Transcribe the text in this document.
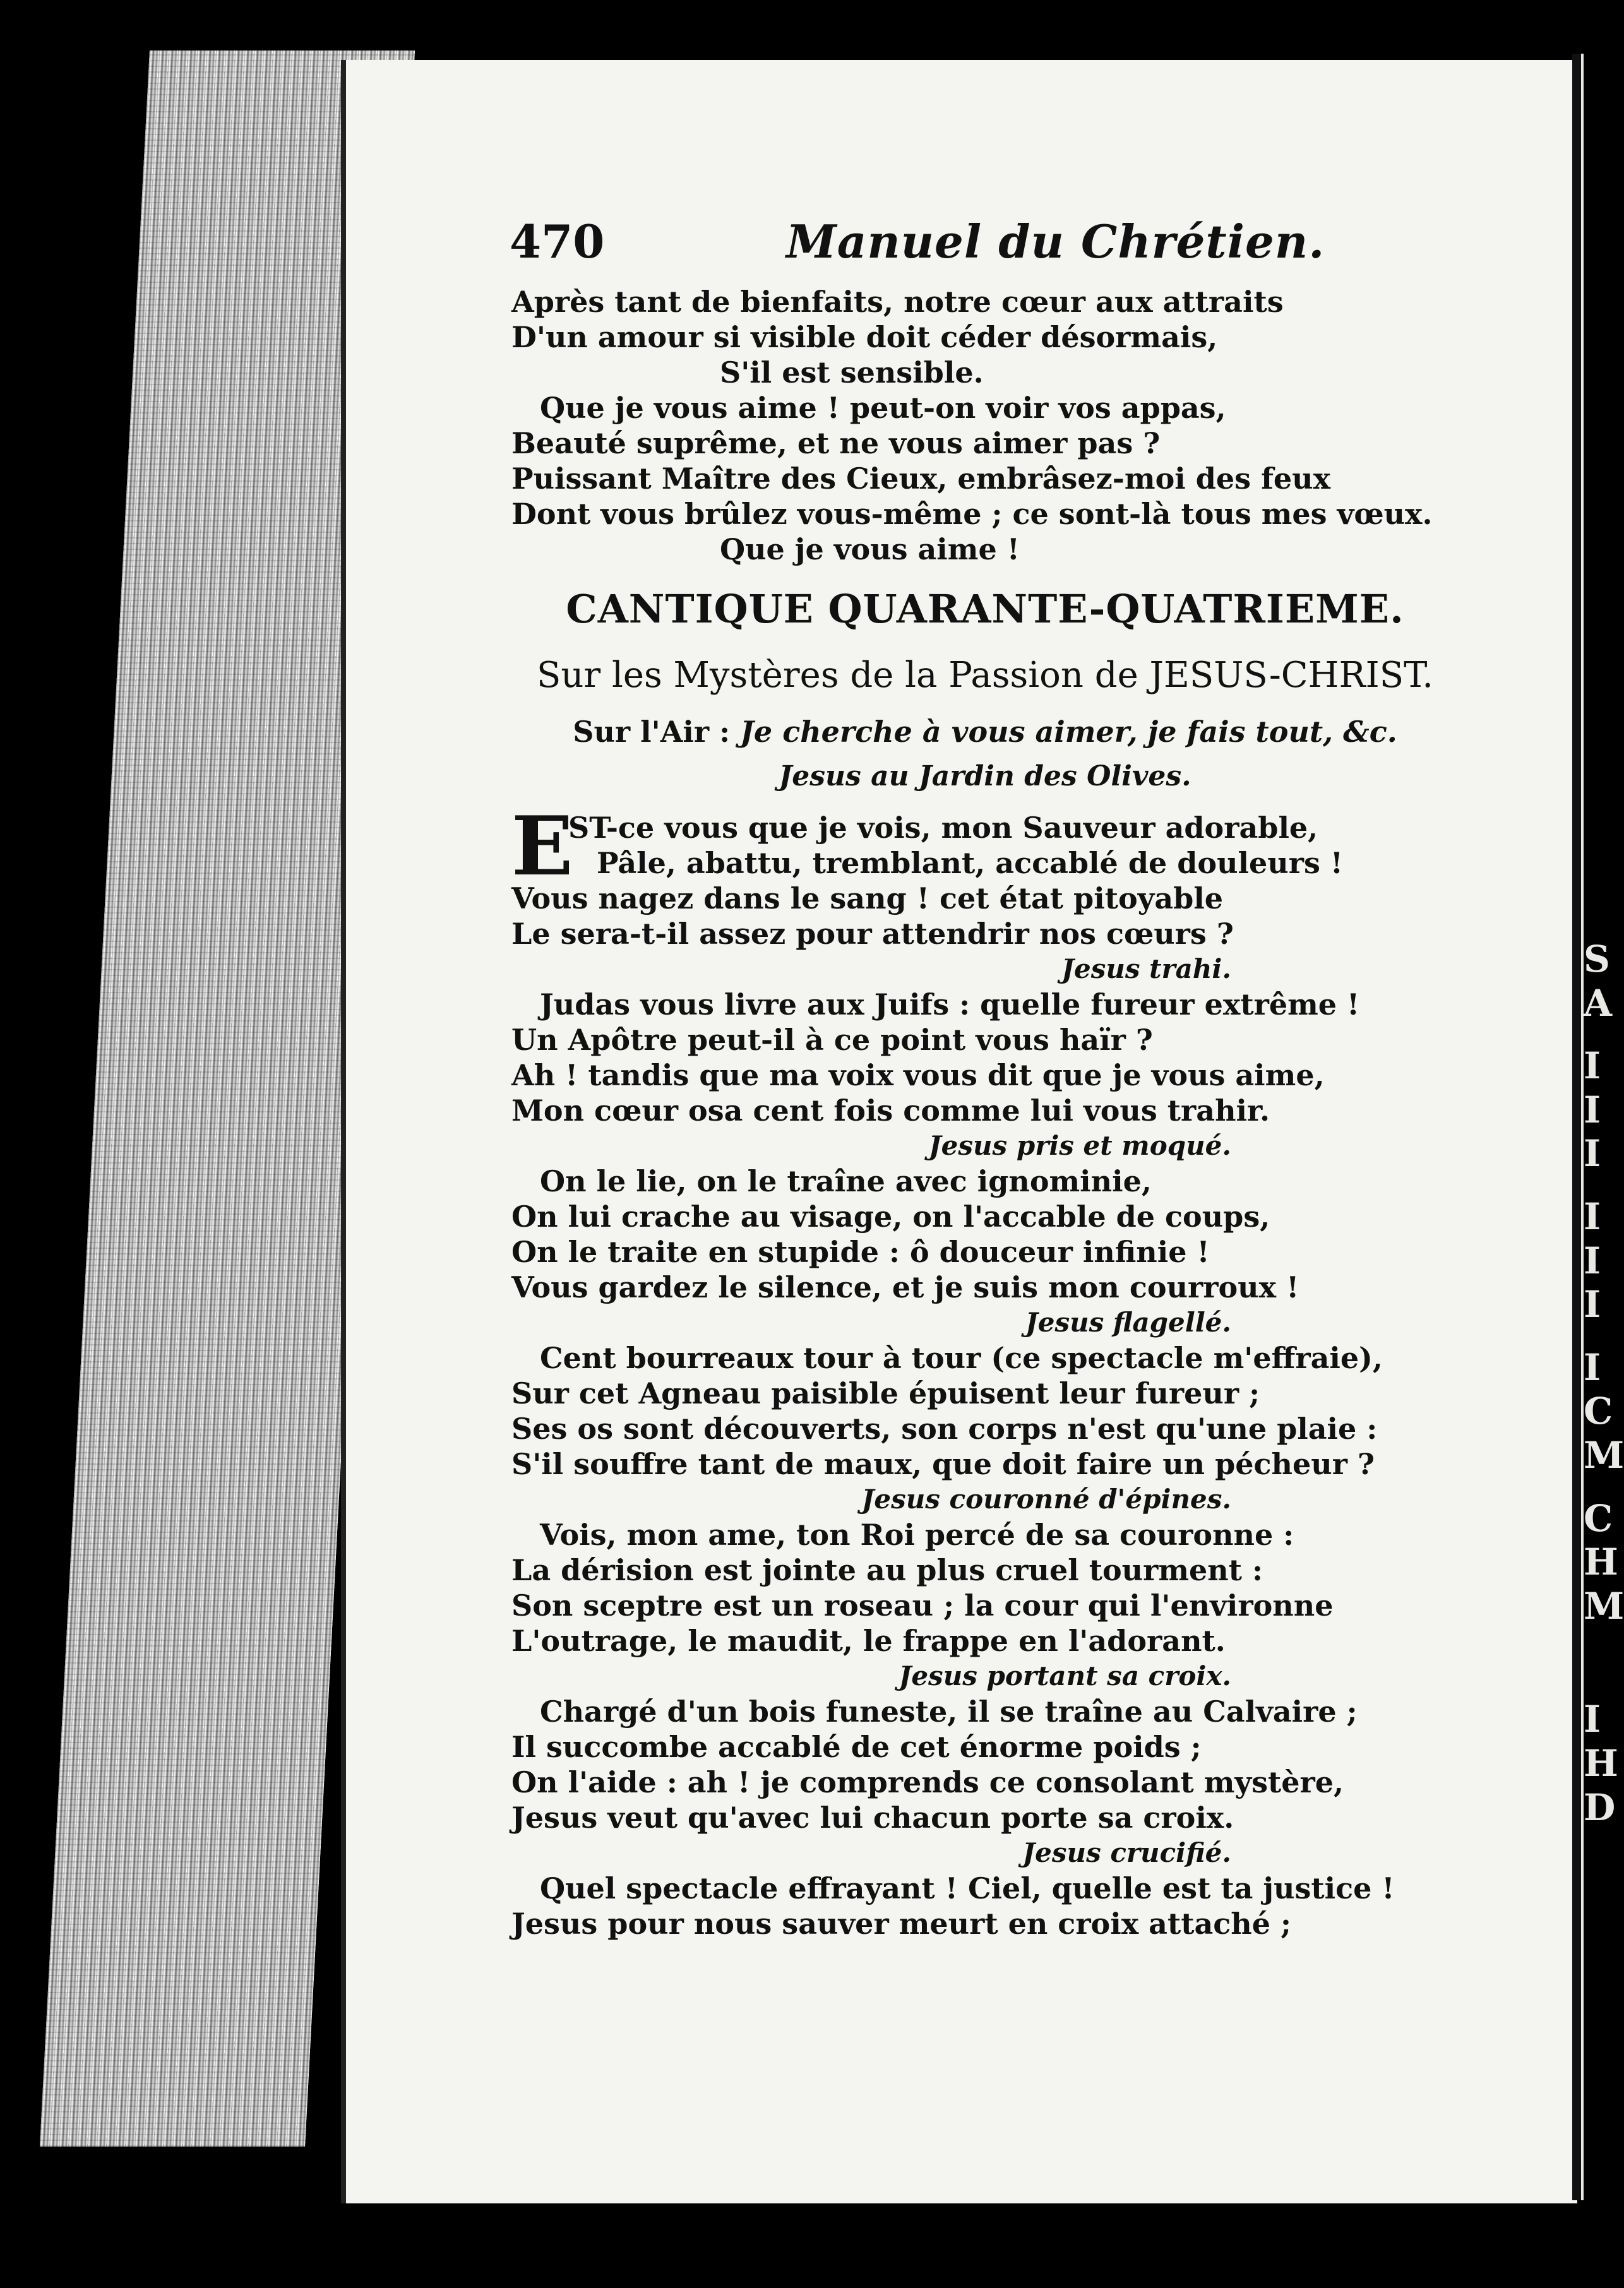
S
A
I
I
I
I
I
I
I
C
M
C
H
M
I
H
D
470	Manuel du Chrétien.
Après tant de bienfaits, notre cœur aux attraits
D'un amour si visible doit céder désormais,
S'il est sensible.
Que je vous aime ! peut-on voir vos appas,
Beauté suprême, et ne vous aimer pas ?
Puissant Maître des Cieux, embrâsez-moi des feux
Dont vous brûlez vous-même ; ce sont-là tous mes vœux.
Que je vous aime !
CANTIQUE QUARANTE-QUATRIEME.
Sur les Mystères de la Passion de JESUS-CHRIST.
Sur l'Air : Je cherche à vous aimer, je fais tout, &c.
Jesus au Jardin des Olives.
E
ST-ce vous que je vois, mon Sauveur adorable,
Pâle, abattu, tremblant, accablé de douleurs !
Vous nagez dans le sang ! cet état pitoyable
Le sera-t-il assez pour attendrir nos cœurs ?
Jesus trahi.
Judas vous livre aux Juifs : quelle fureur extrême !
Un Apôtre peut-il à ce point vous haïr ?
Ah ! tandis que ma voix vous dit que je vous aime,
Mon cœur osa cent fois comme lui vous trahir.
Jesus pris et moqué.
On le lie, on le traîne avec ignominie,
On lui crache au visage, on l'accable de coups,
On le traite en stupide : ô douceur infinie !
Vous gardez le silence, et je suis mon courroux !
Jesus flagellé.
Cent bourreaux tour à tour (ce spectacle m'effraie),
Sur cet Agneau paisible épuisent leur fureur ;
Ses os sont découverts, son corps n'est qu'une plaie :
S'il souffre tant de maux, que doit faire un pécheur ?
Jesus couronné d'épines.
Vois, mon ame, ton Roi percé de sa couronne :
La dérision est jointe au plus cruel tourment :
Son sceptre est un roseau ; la cour qui l'environne
L'outrage, le maudit, le frappe en l'adorant.
Jesus portant sa croix.
Chargé d'un bois funeste, il se traîne au Calvaire ;
Il succombe accablé de cet énorme poids ;
On l'aide : ah ! je comprends ce consolant mystère,
Jesus veut qu'avec lui chacun porte sa croix.
Jesus crucifié.
Quel spectacle effrayant ! Ciel, quelle est ta justice !
Jesus pour nous sauver meurt en croix attaché ;
